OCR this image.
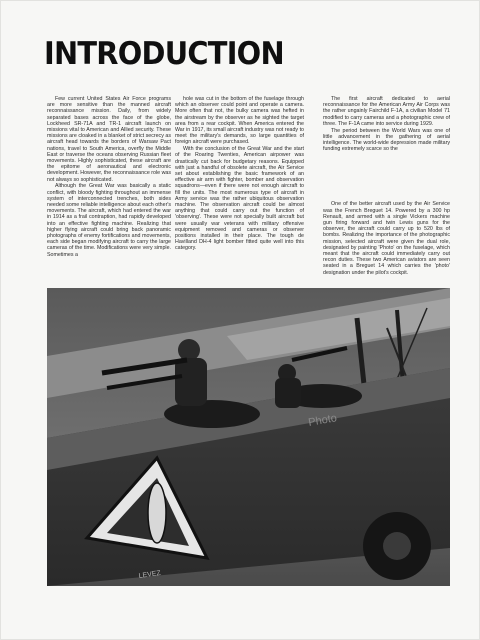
INTRODUCTION

Few current United States Air Force programs are more sensitive than the manned aircraft reconnaissance mission. Daily, from widely separated bases across the face of the globe, Lockheed SR-71A and TR-1 aircraft launch on missions vital to American and Allied security. These missions are cloaked in a blanket of strict secrecy as aircraft head towards the borders of Warsaw Pact nations, travel to South America, overfly the Middle East or traverse the oceans observing Russian fleet movements. Highly sophisticated, these aircraft are the epitome of aeronautical and electronic development. However, the reconnaissance role was not always so sophisticated.

Although the Great War was basically a static conflict, with bloody fighting throughout an immense system of interconnected trenches, both sides needed some reliable intelligence about each other's movements. The aircraft, which had entered the war in 1914 as a frail contraption, had rapidly developed into an effective fighting machine. Realizing that higher flying aircraft could bring back panoramic photographs of enemy fortifications and movements, each side began modifying aircraft to carry the large cameras of the time. Modifications were very simple. Sometimes a

hole was cut in the bottom of the fuselage through which an observer could point and operate a camera. More often that not, the bulky camera was hefted in the airstream by the observer as he sighted the target area from a rear cockpit. When America entered the War in 1917, its small aircraft industry was not ready to meet the military's demands, so large quantities of foreign aircraft were purchased.

With the conclusion of the Great War and the start of the Roaring Twenties, American airpower was drastically cut back for budgetary reasons. Equipped with just a handful of obsolete aircraft, the Air Service set about establishing the basic framework of an effective air arm with fighter, bomber and observation squadrons—even if there were not enough aircraft to fill the units. The most numerous type of aircraft in Army service was the rather ubiquitous observation machine. The observation aircraft could be almost anything that could carry out the function of 'observing'. These were not specially built aircraft but were usually war veterans with military offensive equipment removed and cameras or observer positions installed in their place. The tough de Havilland DH-4 light bomber fitted quite well into this category.

The first aircraft dedicated to aerial reconnaissance for the American Army Air Corps was the rather ungainly Fairchild F-1A, a civilian Model 71 modified to carry cameras and a photographic crew of three. The F-1A came into service during 1929.

The period between the World Wars was one of little advancement in the gathering of aerial intelligence. The world-wide depression made military funding extremely scarce so the

One of the better aircraft used by the Air Service was the French Breguet 14. Powered by a 300 hp Renault, and armed with a single Vickers machine gun firing forward and twin Lewis guns for the observer, the aircraft could carry up to 520 lbs of bombs. Realizing the importance of the photographic mission, selected aircraft were given the dual role, designated by painting 'Photo' on the fuselage, which meant that the aircraft could immediately carry out recon duties. These two American aviators are seen seated in a Breguet 14 which carries the 'photo' designation under the pilot's cockpit.

Photo
LEVEZ
